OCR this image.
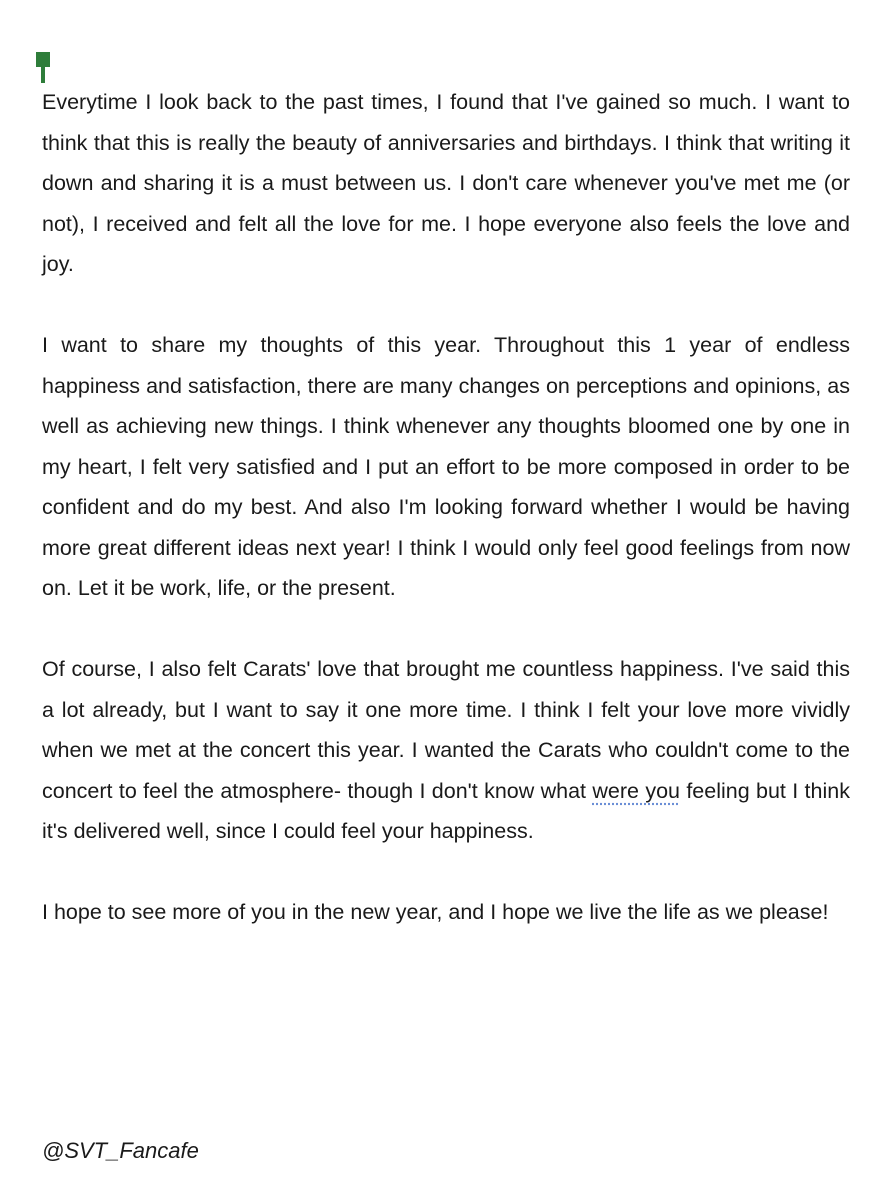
Everytime I look back to the past times, I found that I've gained so much. I want to think that this is really the beauty of anniversaries and birthdays. I think that writing it down and sharing it is a must between us. I don't care whenever you've met me (or not), I received and felt all the love for me. I hope everyone also feels the love and joy.

I want to share my thoughts of this year. Throughout this 1 year of endless happiness and satisfaction, there are many changes on perceptions and opinions, as well as achieving new things. I think whenever any thoughts bloomed one by one in my heart, I felt very satisfied and I put an effort to be more composed in order to be confident and do my best. And also I'm looking forward whether I would be having more great different ideas next year! I think I would only feel good feelings from now on. Let it be work, life, or the present.

Of course, I also felt Carats' love that brought me countless happiness. I've said this a lot already, but I want to say it one more time. I think I felt your love more vividly when we met at the concert this year. I wanted the Carats who couldn't come to the concert to feel the atmosphere- though I don't know what were you feeling but I think it's delivered well, since I could feel your happiness.

I hope to see more of you in the new year, and I hope we live the life as we please!

@SVT_Fancafe
